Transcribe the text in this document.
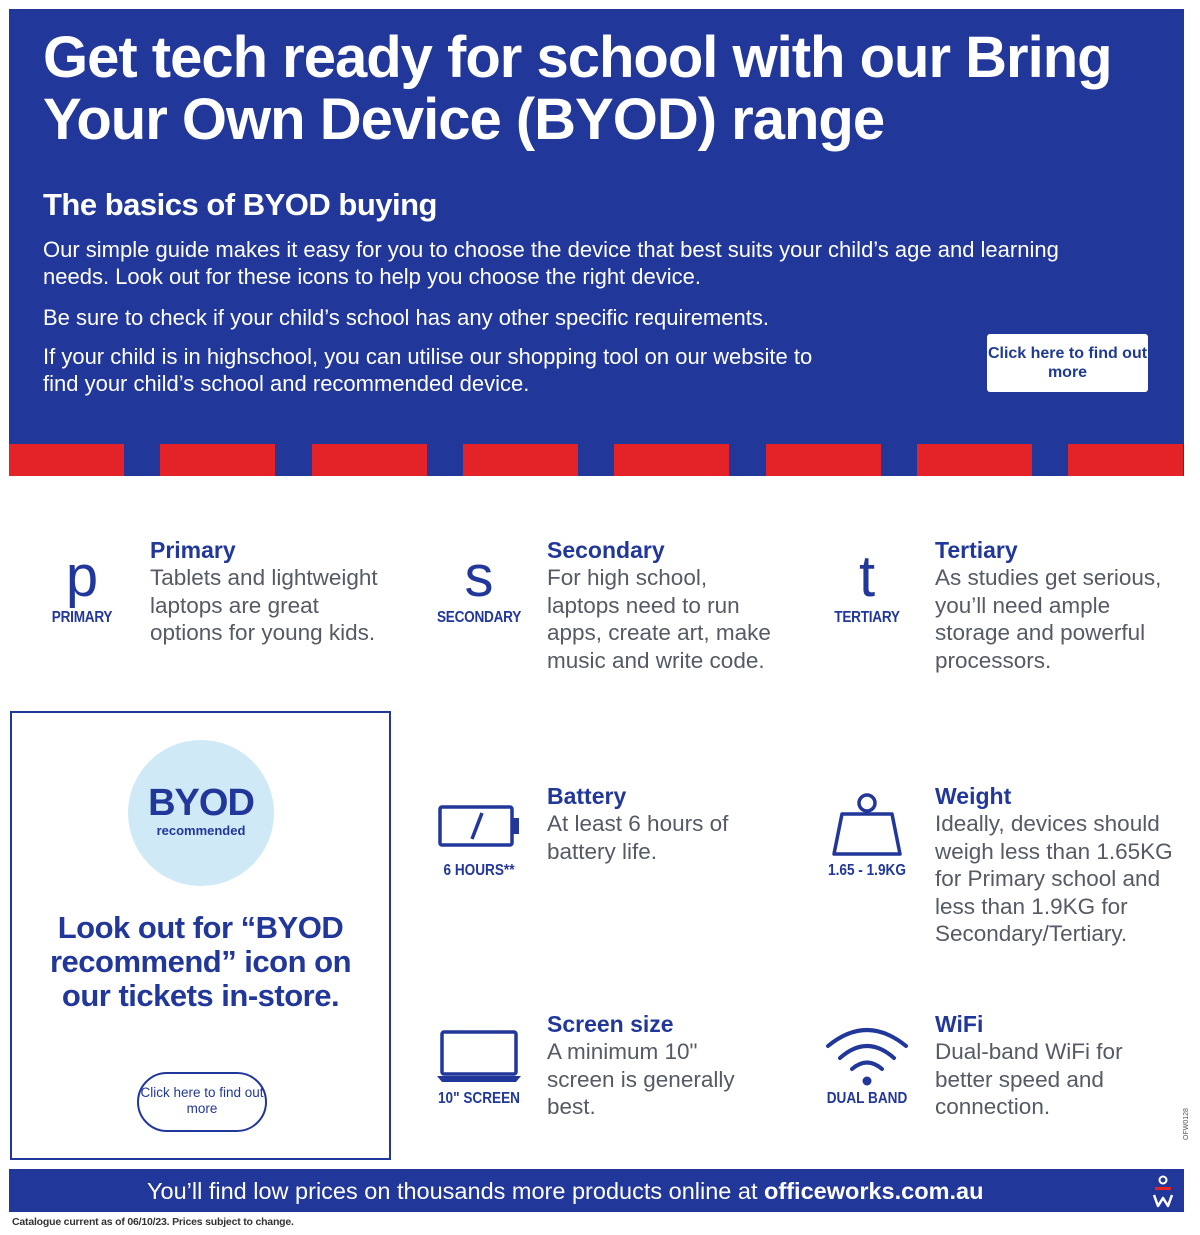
Get tech ready for school with our Bring Your Own Device (BYOD) range
The basics of BYOD buying
Our simple guide makes it easy for you to choose the device that best suits your child’s age and learning needs. Look out for these icons to help you choose the right device.
Be sure to check if your child’s school has any other specific requirements.
If your child is in highschool, you can utilise our shopping tool on our website to find your child’s school and recommended device.
Click here to find out more
p
PRIMARY
Primary
Tablets and lightweight laptops are great options for young kids.
s
SECONDARY
Secondary
For high school, laptops need to run apps, create art, make music and write code.
t
TERTIARY
Tertiary
As studies get serious, you’ll need ample storage and powerful processors.
6 HOURS**
Battery
At least 6 hours of battery life.
1.65 - 1.9KG
Weight
Ideally, devices should weigh less than 1.65KG for Primary school and less than 1.9KG for Secondary/Tertiary.
10" SCREEN
Screen size
A minimum 10" screen is generally best.	DUAL BAND
WiFi
Dual-band WiFi for better speed and connection.
BYOD
recommended
Look out for “BYOD recommend” icon on our tickets in-store.
Click here to find out more
You’ll find low prices on thousands more products online at officeworks.com.au
Catalogue current as of 06/10/23. Prices subject to change.
OFW0128
